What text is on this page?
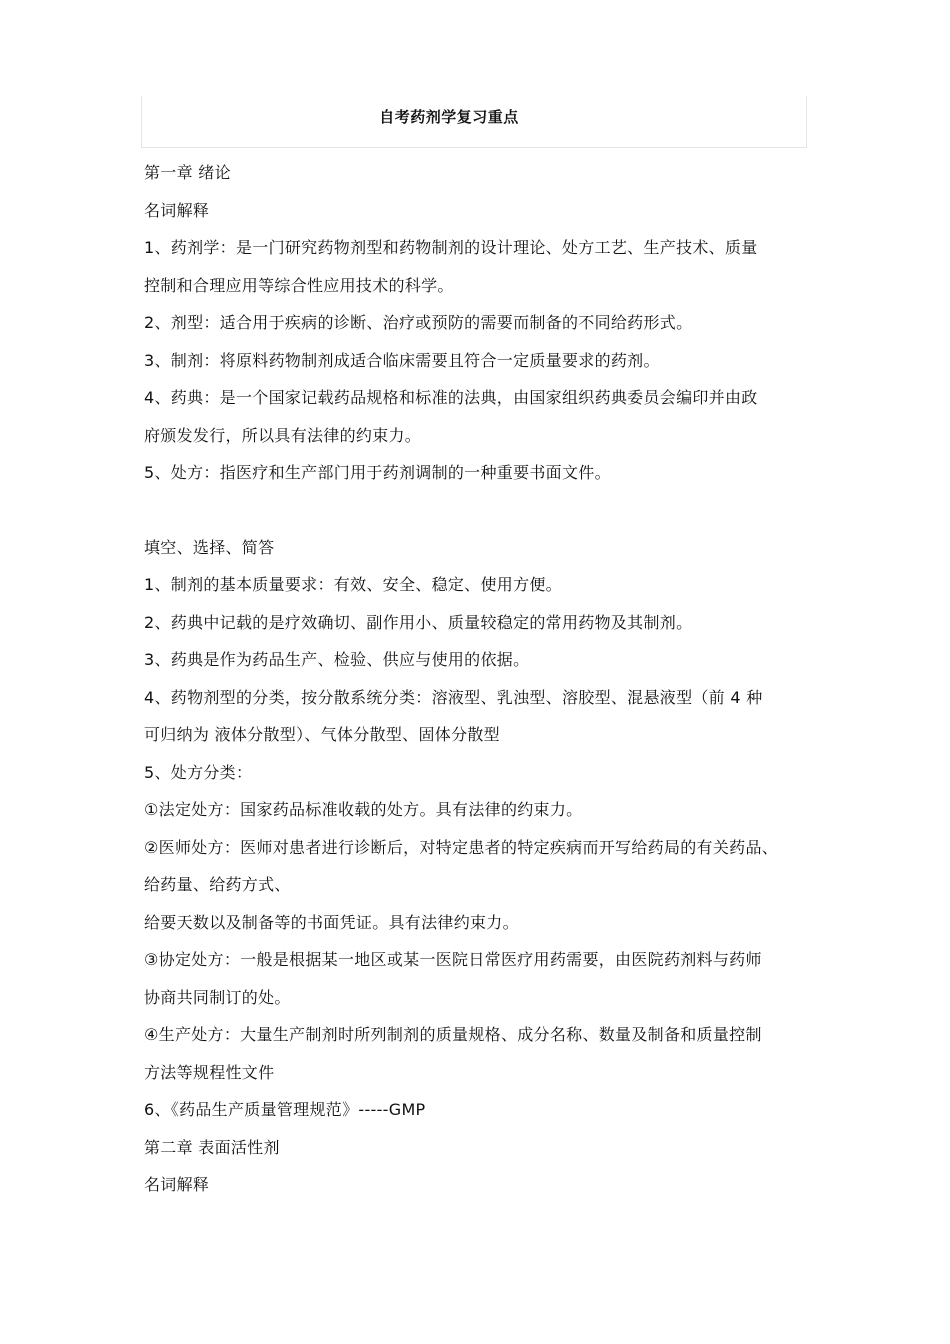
自考药剂学复习重点

第一章 绪论

名词解释

1、药剂学：是一门研究药物剂型和药物制剂的设计理论、处方工艺、生产技术、质量

控制和合理应用等综合性应用技术的科学。

2、剂型：适合用于疾病的诊断、治疗或预防的需要而制备的不同给药形式。

3、制剂：将原料药物制剂成适合临床需要且符合一定质量要求的药剂。

4、药典：是一个国家记载药品规格和标准的法典，由国家组织药典委员会编印并由政

府颁发发行，所以具有法律的约束力。

5、处方：指医疗和生产部门用于药剂调制的一种重要书面文件。

填空、选择、简答

1、制剂的基本质量要求：有效、安全、稳定、使用方便。

2、药典中记载的是疗效确切、副作用小、质量较稳定的常用药物及其制剂。

3、药典是作为药品生产、检验、供应与使用的依据。

4、药物剂型的分类，按分散系统分类：溶液型、乳浊型、溶胶型、混悬液型（前 4 种

可归纳为 液体分散型）、气体分散型、固体分散型

5、处方分类：

①法定处方：国家药品标准收载的处方。具有法律的约束力。

②医师处方：医师对患者进行诊断后，对特定患者的特定疾病而开写给药局的有关药品、

给药量、给药方式、

给要天数以及制备等的书面凭证。具有法律约束力。

③协定处方：一般是根据某一地区或某一医院日常医疗用药需要，由医院药剂料与药师

协商共同制订的处。

④生产处方：大量生产制剂时所列制剂的质量规格、成分名称、数量及制备和质量控制

方法等规程性文件

6、《药品生产质量管理规范》-----GMP

第二章 表面活性剂

名词解释
